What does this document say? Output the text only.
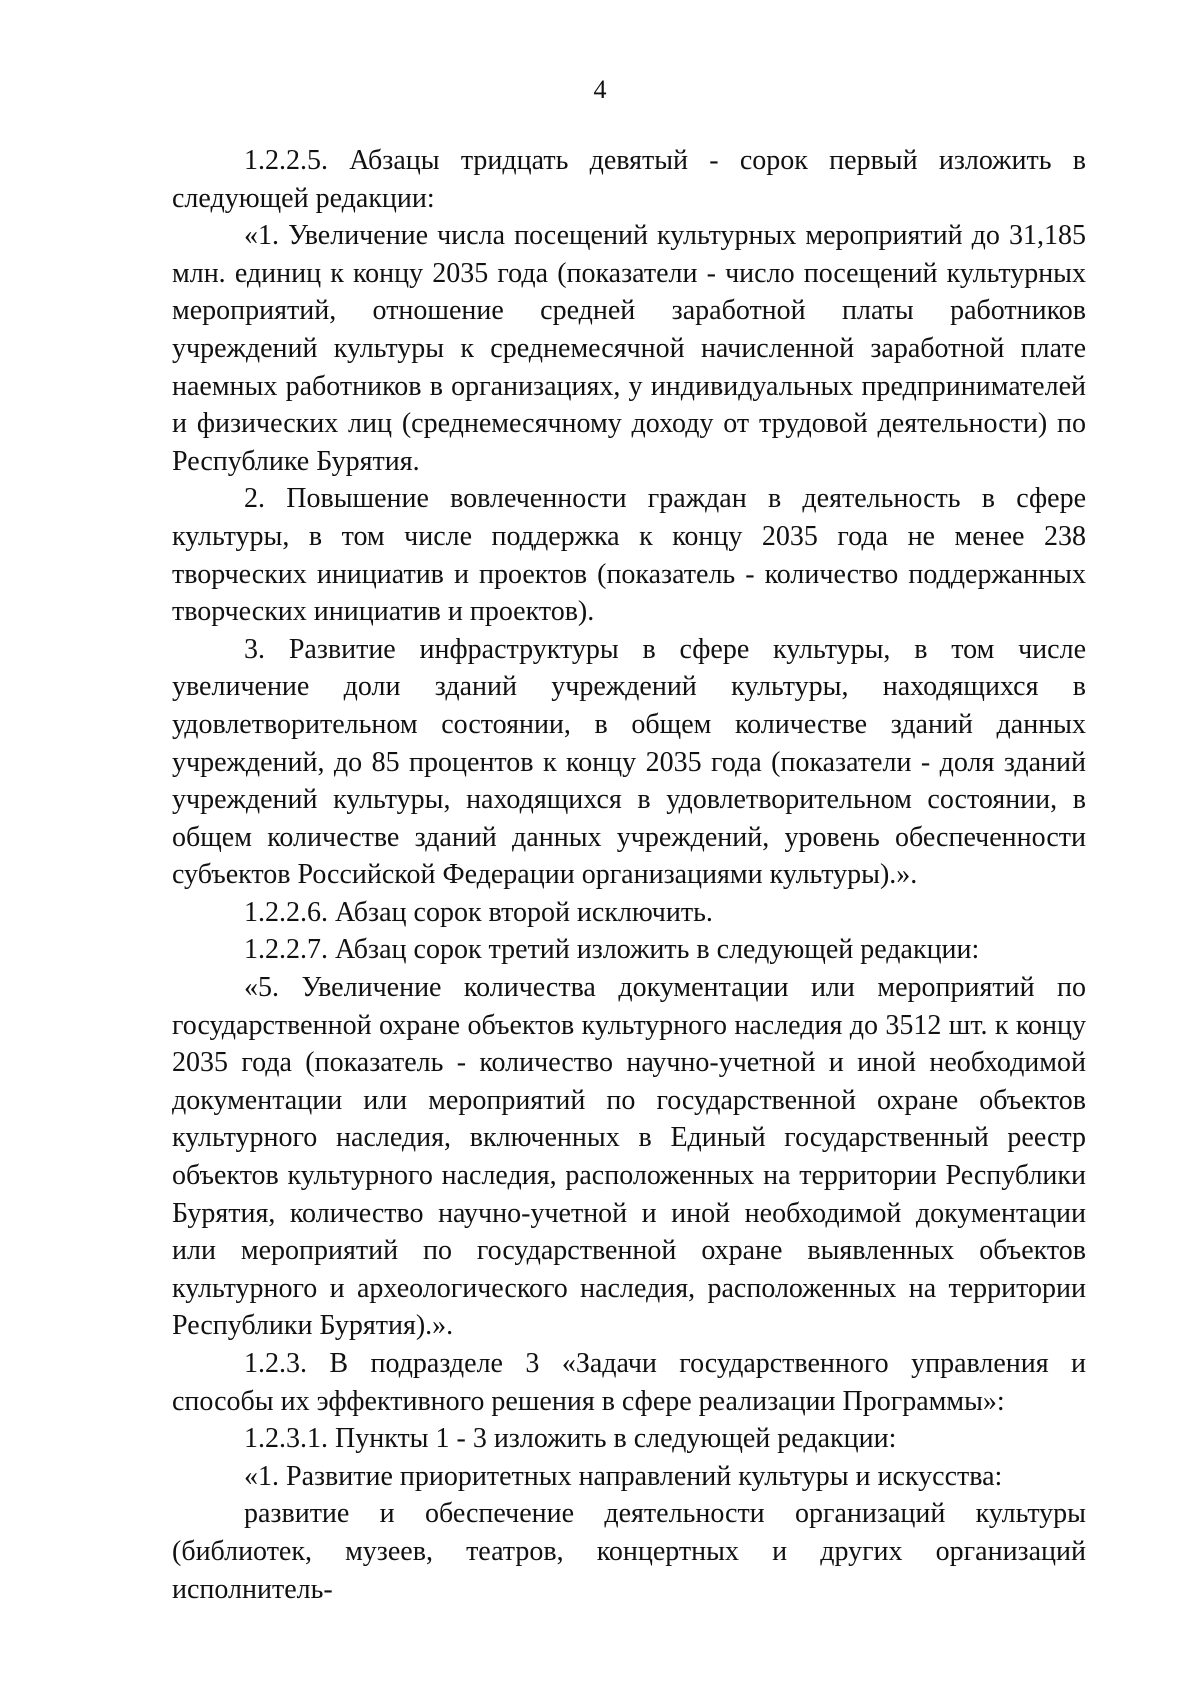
4

1.2.2.5. Абзацы тридцать девятый - сорок первый изложить в следующей редакции:

«1. Увеличение числа посещений культурных мероприятий до 31,185 млн. единиц к концу 2035 года (показатели - число посещений культурных мероприятий, отношение средней заработной платы работников учреждений культуры к среднемесячной начисленной заработной плате наемных работников в организациях, у индивидуальных предпринимателей и физических лиц (среднемесячному доходу от трудовой деятельности) по Республике Бурятия.

2. Повышение вовлеченности граждан в деятельность в сфере культуры, в том числе поддержка к концу 2035 года не менее 238 творческих инициатив и проектов (показатель - количество поддержанных творческих инициатив и проектов).

3. Развитие инфраструктуры в сфере культуры, в том числе увеличение доли зданий учреждений культуры, находящихся в удовлетворительном состоянии, в общем количестве зданий данных учреждений, до 85 процентов к концу 2035 года (показатели - доля зданий учреждений культуры, находящихся в удовлетворительном состоянии, в общем количестве зданий данных учреждений, уровень обеспеченности субъектов Российской Федерации организациями культуры).».

1.2.2.6. Абзац сорок второй исключить.

1.2.2.7. Абзац сорок третий изложить в следующей редакции:

«5. Увеличение количества документации или мероприятий по государственной охране объектов культурного наследия до 3512 шт. к концу 2035 года (показатель - количество научно-учетной и иной необходимой документации или мероприятий по государственной охране объектов культурного наследия, включенных в Единый государственный реестр объектов культурного наследия, расположенных на территории Республики Бурятия, количество научно-учетной и иной необходимой документации или мероприятий по государственной охране выявленных объектов культурного и археологического наследия, расположенных на территории Республики Бурятия).».

1.2.3. В подразделе 3 «Задачи государственного управления и способы их эффективного решения в сфере реализации Программы»:

1.2.3.1. Пункты 1 - 3 изложить в следующей редакции:

«1. Развитие приоритетных направлений культуры и искусства:

развитие и обеспечение деятельности организаций культуры (библиотек, музеев, театров, концертных и других организаций исполнитель-
